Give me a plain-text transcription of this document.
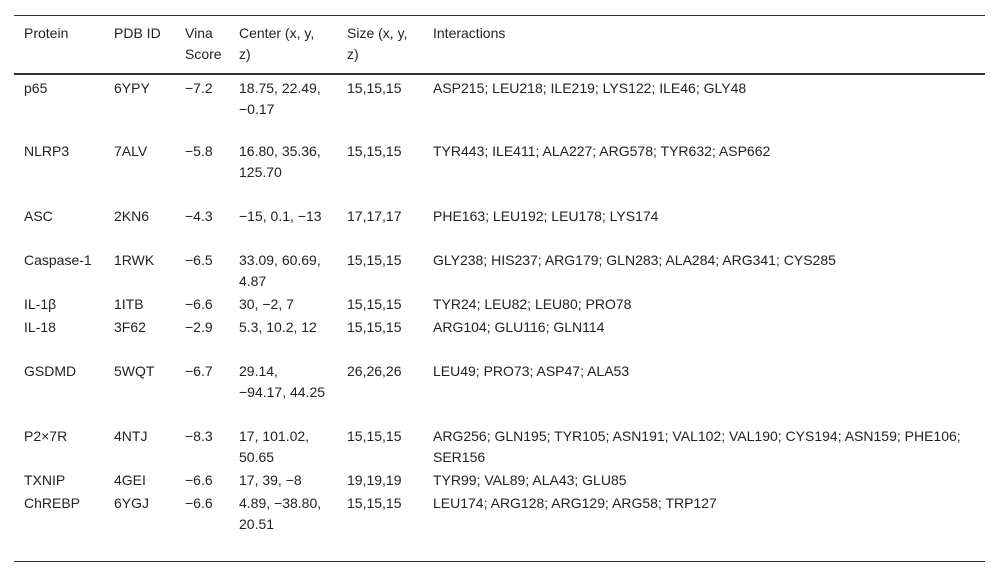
Protein	PDB ID	Vina Score	Center (x, y, z)	Size (x, y, z)	Interactions
p65	6YPY	−7.2	18.75, 22.49, −0.17	15,15,15	ASP215; LEU218; ILE219; LYS122; ILE46; GLY48
NLRP3	7ALV	−5.8	16.80, 35.36, 125.70	15,15,15	TYR443; ILE411; ALA227; ARG578; TYR632; ASP662
ASC	2KN6	−4.3	−15, 0.1, −13	17,17,17	PHE163; LEU192; LEU178; LYS174
Caspase-1	1RWK	−6.5	33.09, 60.69, 4.87	15,15,15	GLY238; HIS237; ARG179; GLN283; ALA284; ARG341; CYS285
IL-1β	1ITB	−6.6	30, −2, 7	15,15,15	TYR24; LEU82; LEU80; PRO78
IL-18	3F62	−2.9	5.3, 10.2, 12	15,15,15	ARG104; GLU116; GLN114
GSDMD	5WQT	−6.7	29.14, −94.17, 44.25	26,26,26	LEU49; PRO73; ASP47; ALA53
P2×7R	4NTJ	−8.3	17, 101.02, 50.65	15,15,15	ARG256; GLN195; TYR105; ASN191; VAL102; VAL190; CYS194; ASN159; PHE106; SER156
TXNIP	4GEI	−6.6	17, 39, −8	19,19,19	TYR99; VAL89; ALA43; GLU85
ChREBP	6YGJ	−6.6	4.89, −38.80, 20.51	15,15,15	LEU174; ARG128; ARG129; ARG58; TRP127
